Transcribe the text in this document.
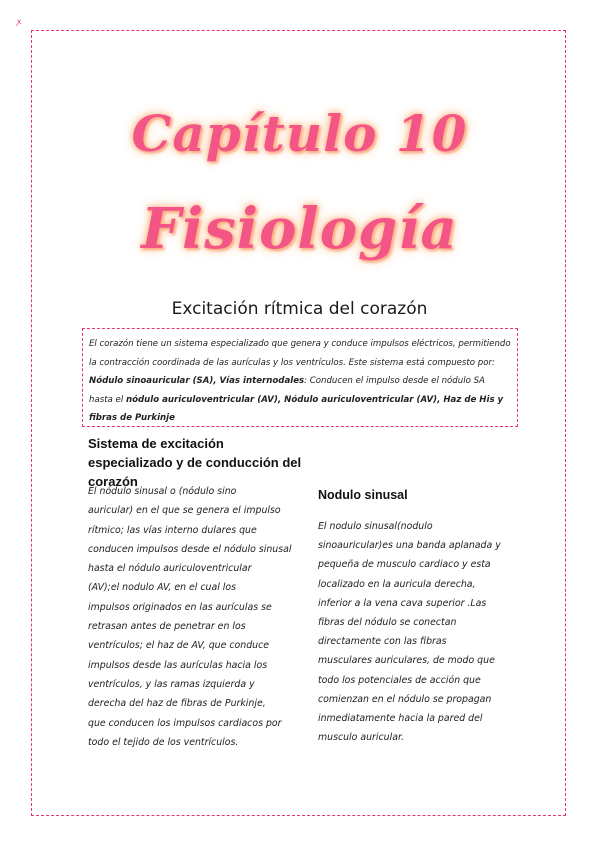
ꭗ
Capítulo 10
Fisiología
Excitación rítmica del corazón
El corazón tiene un sistema especializado que genera y conduce impulsos eléctricos, permitiendo la contracción coordinada de las aurículas y los ventrículos. Este sistema está compuesto por: Nódulo sinoauricular (SA), Vías internodales: Conducen el impulso desde el nódulo SA hasta el nódulo auriculoventricular (AV), Nódulo auriculoventricular (AV), Haz de His y fibras de Purkinje
Sistema de excitación especializado y de conducción del corazón
El nódulo sinusal o (nódulo sino
auricular) en el que se genera el impulso
rítmico; las vías interno dulares que
conducen impulsos desde el nódulo sinusal
hasta el nódulo auriculoventricular
(AV);el nodulo AV, en el cual los
impulsos originados en las aurículas se
retrasan antes de penetrar en los
ventrículos; el haz de AV, que conduce
impulsos desde las aurículas hacia los
ventrículos, y las ramas izquierda y
derecha del haz de fibras de Purkinje,
que conducen los impulsos cardiacos por
todo el tejido de los ventrículos.
Nodulo sinusal
El nodulo sinusal(nodulo
sinoauricular)es una banda aplanada y
pequeña de musculo cardiaco y esta
localizado en la auricula derecha,
inferior a la vena cava superior .Las
fibras del nódulo se conectan
directamente con las fibras
musculares auriculares, de modo que
todo los potenciales de acción que
comienzan en el nódulo se propagan
inmediatamente hacia la pared del
musculo auricular.
